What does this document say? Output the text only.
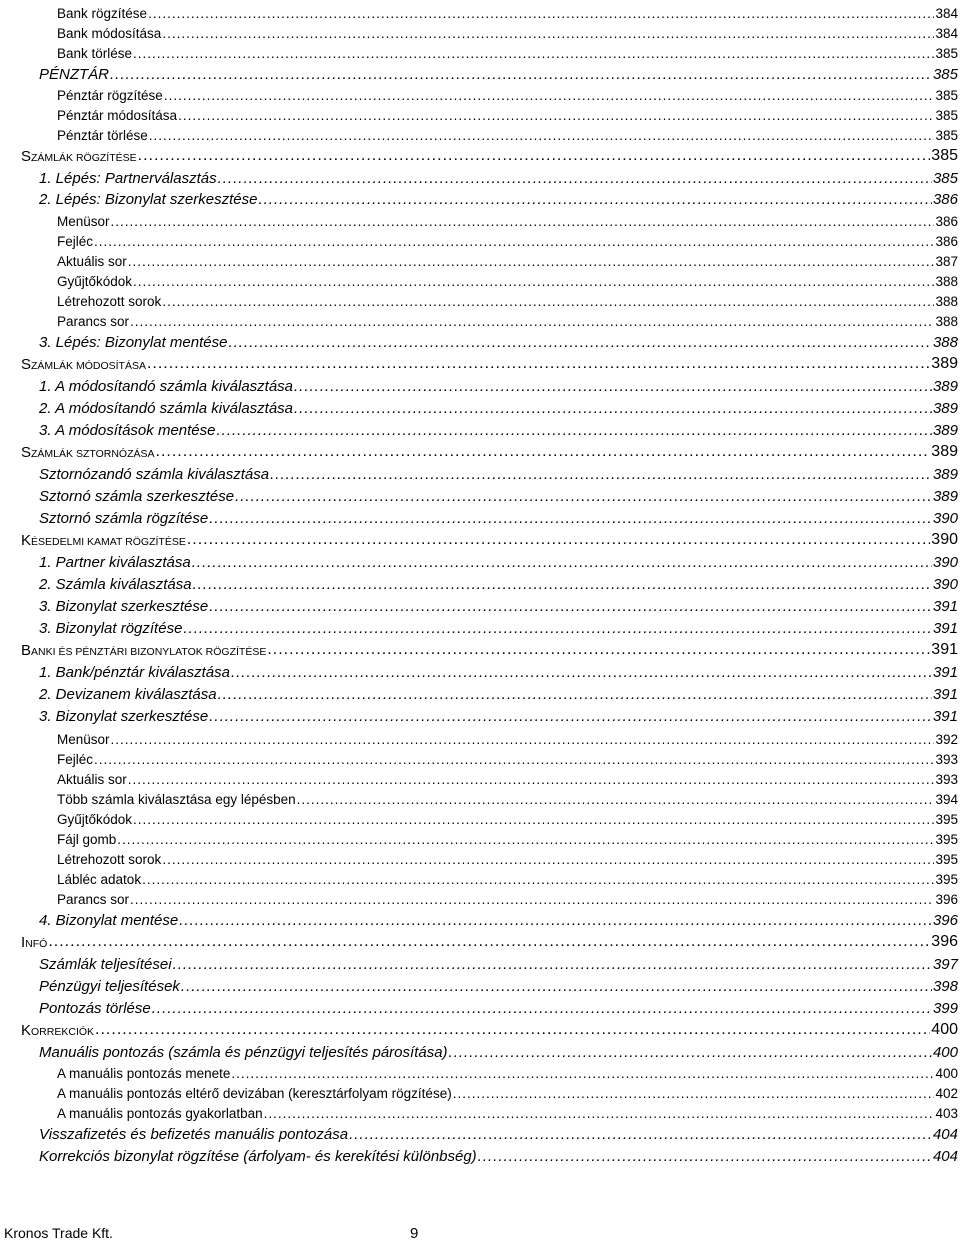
Bank rögzítése .....	384
Bank módosítása .....	384
Bank törlése .....	385
PÉNZTÁR .....	385
Pénztár rögzítése .....	385
Pénztár módosítása .....	385
Pénztár törlése .....	385
SZÁMLÁK RÖGZÍTÉSE .....	385
1. Lépés: Partnerválasztás .....	385
2. Lépés: Bizonylat szerkesztése .....	386
Menüsor .....	386
Fejléc .....	386
Aktuális sor .....	387
Gyűjtőkódok .....	388
Létrehozott sorok .....	388
Parancs sor .....	388
3. Lépés: Bizonylat mentése .....	388
SZÁMLÁK MÓDOSÍTÁSA .....	389
1. A módosítandó számla kiválasztása .....	389
2. A módosítandó számla kiválasztása .....	389
3. A módosítások mentése .....	389
SZÁMLÁK SZTORNÓZÁSA .....	389
Sztornózandó számla kiválasztása .....	389
Sztornó számla szerkesztése .....	389
Sztornó számla rögzítése .....	390
KÉSEDELMI KAMAT RÖGZÍTÉSE .....	390
1. Partner kiválasztása .....	390
2. Számla kiválasztása .....	390
3. Bizonylat szerkesztése .....	391
3. Bizonylat rögzítése .....	391
BANKI ÉS PÉNZTÁRI BIZONYLATOK RÖGZÍTÉSE .....	391
1. Bank/pénztár kiválasztása .....	391
2. Devizanem kiválasztása .....	391
3. Bizonylat szerkesztése .....	391
Menüsor .....	392
Fejléc .....	393
Aktuális sor .....	393
Több számla kiválasztása egy lépésben .....	394
Gyűjtőkódok .....	395
Fájl gomb .....	395
Létrehozott sorok .....	395
Lábléc adatok .....	395
Parancs sor .....	396
4. Bizonylat mentése .....	396
INFÓ .....	396
Számlák teljesítései .....	397
Pénzügyi teljesítések .....	398
Pontozás törlése .....	399
KORREKCIÓK .....	400
Manuális pontozás (számla és pénzügyi teljesítés párosítása) .....	400
A manuális pontozás menete .....	400
A manuális pontozás eltérő devizában (keresztárfolyam rögzítése) .....	402
A manuális pontozás gyakorlatban .....	403
Visszafizetés és befizetés manuális pontozása .....	404
Korrekciós bizonylat rögzítése (árfolyam- és kerekítési különbség) .....	404
Kronos Trade Kft.	9
